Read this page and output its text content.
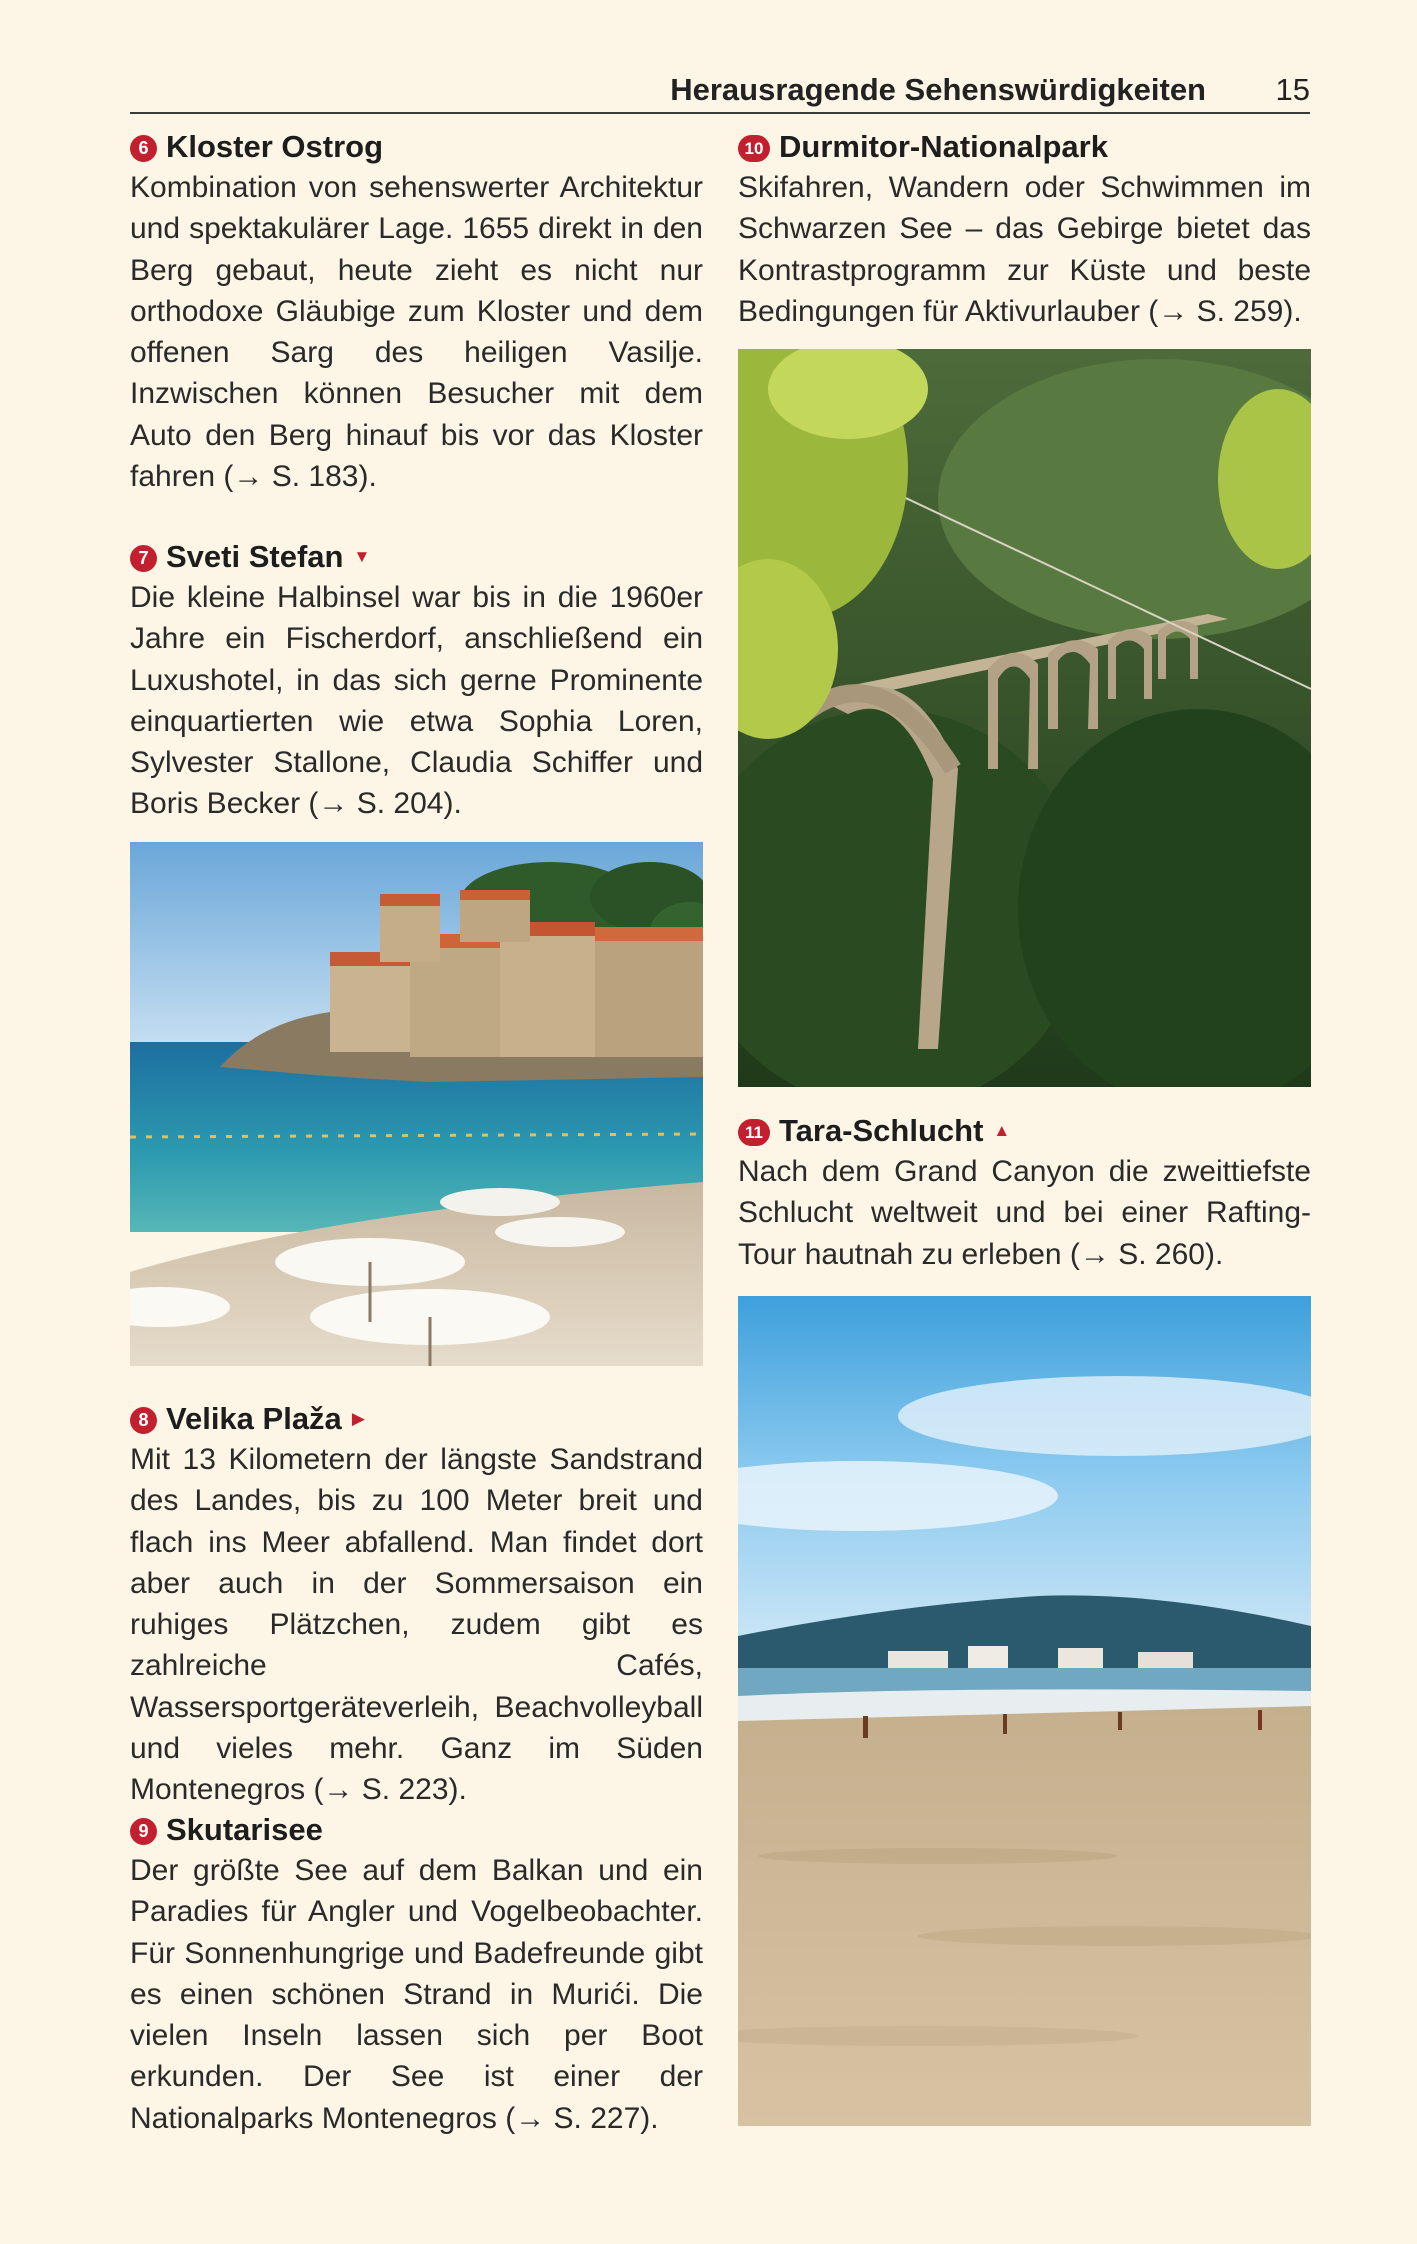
Herausragende Sehenswürdigkeiten 15
6 Kloster Ostrog

Kombination von sehenswerter Architektur und spektakulärer Lage. 1655 direkt in den Berg gebaut, heute zieht es nicht nur orthodoxe Gläubige zum Kloster und dem offenen Sarg des heiligen Vasilje. Inzwischen können Besucher mit dem Auto den Berg hinauf bis vor das Kloster fahren (→ S. 183).

7 Sveti Stefan ▼

Die kleine Halbinsel war bis in die 1960er Jahre ein Fischerdorf, anschließend ein Luxushotel, in das sich gerne Prominente einquartierten wie etwa Sophia Loren, Sylvester Stallone, Claudia Schiffer und Boris Becker (→ S. 204).

8 Velika Plaža ▶

Mit 13 Kilometern der längste Sandstrand des Landes, bis zu 100 Meter breit und flach ins Meer abfallend. Man findet dort aber auch in der Sommersaison ein ruhiges Plätzchen, zudem gibt es zahlreiche Cafés, Wassersportgeräteverleih, Beachvolleyball und vieles mehr. Ganz im Süden Montenegros (→ S. 223).

9 Skutarisee

Der größte See auf dem Balkan und ein Paradies für Angler und Vogelbeobachter. Für Sonnenhungrige und Badefreunde gibt es einen schönen Strand in Murići. Die vielen Inseln lassen sich per Boot erkunden. Der See ist einer der Nationalparks Montenegros (→ S. 227).

10 Durmitor-Nationalpark

Skifahren, Wandern oder Schwimmen im Schwarzen See – das Gebirge bietet das Kontrastprogramm zur Küste und beste Bedingungen für Aktivurlauber (→ S. 259).

11 Tara-Schlucht ▲

Nach dem Grand Canyon die zweittiefste Schlucht weltweit und bei einer Rafting-Tour hautnah zu erleben (→ S. 260).
